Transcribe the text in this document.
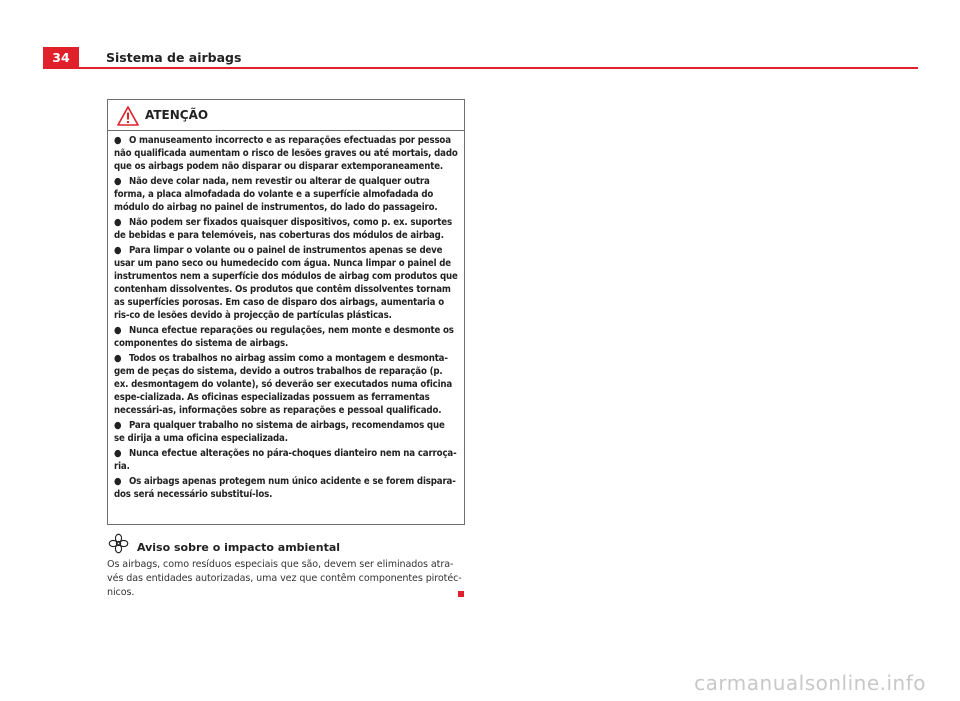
34	Sistema de airbags
ATENÇÃO

● O manuseamento incorrecto e as reparações efectuadas por pessoa não qualificada aumentam o risco de lesões graves ou até mortais, dado que os airbags podem não disparar ou disparar extemporaneamente.

● Não deve colar nada, nem revestir ou alterar de qualquer outra forma, a placa almofadada do volante e a superfície almofadada do módulo do airbag no painel de instrumentos, do lado do passageiro.

● Não podem ser fixados quaisquer dispositivos, como p. ex. suportes de bebidas e para telemóveis, nas coberturas dos módulos de airbag.

● Para limpar o volante ou o painel de instrumentos apenas se deve usar um pano seco ou humedecido com água. Nunca limpar o painel de instrumentos nem a superfície dos módulos de airbag com produtos que contenham dissolventes. Os produtos que contêm dissolventes tornam as superfícies porosas. Em caso de disparo dos airbags, aumentaria o ris-co de lesões devido à projecção de partículas plásticas.

● Nunca efectue reparações ou regulações, nem monte e desmonte os componentes do sistema de airbags.

● Todos os trabalhos no airbag assim como a montagem e desmonta-gem de peças do sistema, devido a outros trabalhos de reparação (p. ex. desmontagem do volante), só deverão ser executados numa oficina espe-cializada. As oficinas especializadas possuem as ferramentas necessári-as, informações sobre as reparações e pessoal qualificado.

● Para qualquer trabalho no sistema de airbags, recomendamos que se dirija a uma oficina especializada.

● Nunca efectue alterações no pára-choques dianteiro nem na carroça-ria.

● Os airbags apenas protegem num único acidente e se forem dispara-dos será necessário substituí-los.

Aviso sobre o impacto ambiental
Os airbags, como resíduos especiais que são, devem ser eliminados atra-vés das entidades autorizadas, uma vez que contêm componentes pirotéc-nicos.
carmanualsonline.info
